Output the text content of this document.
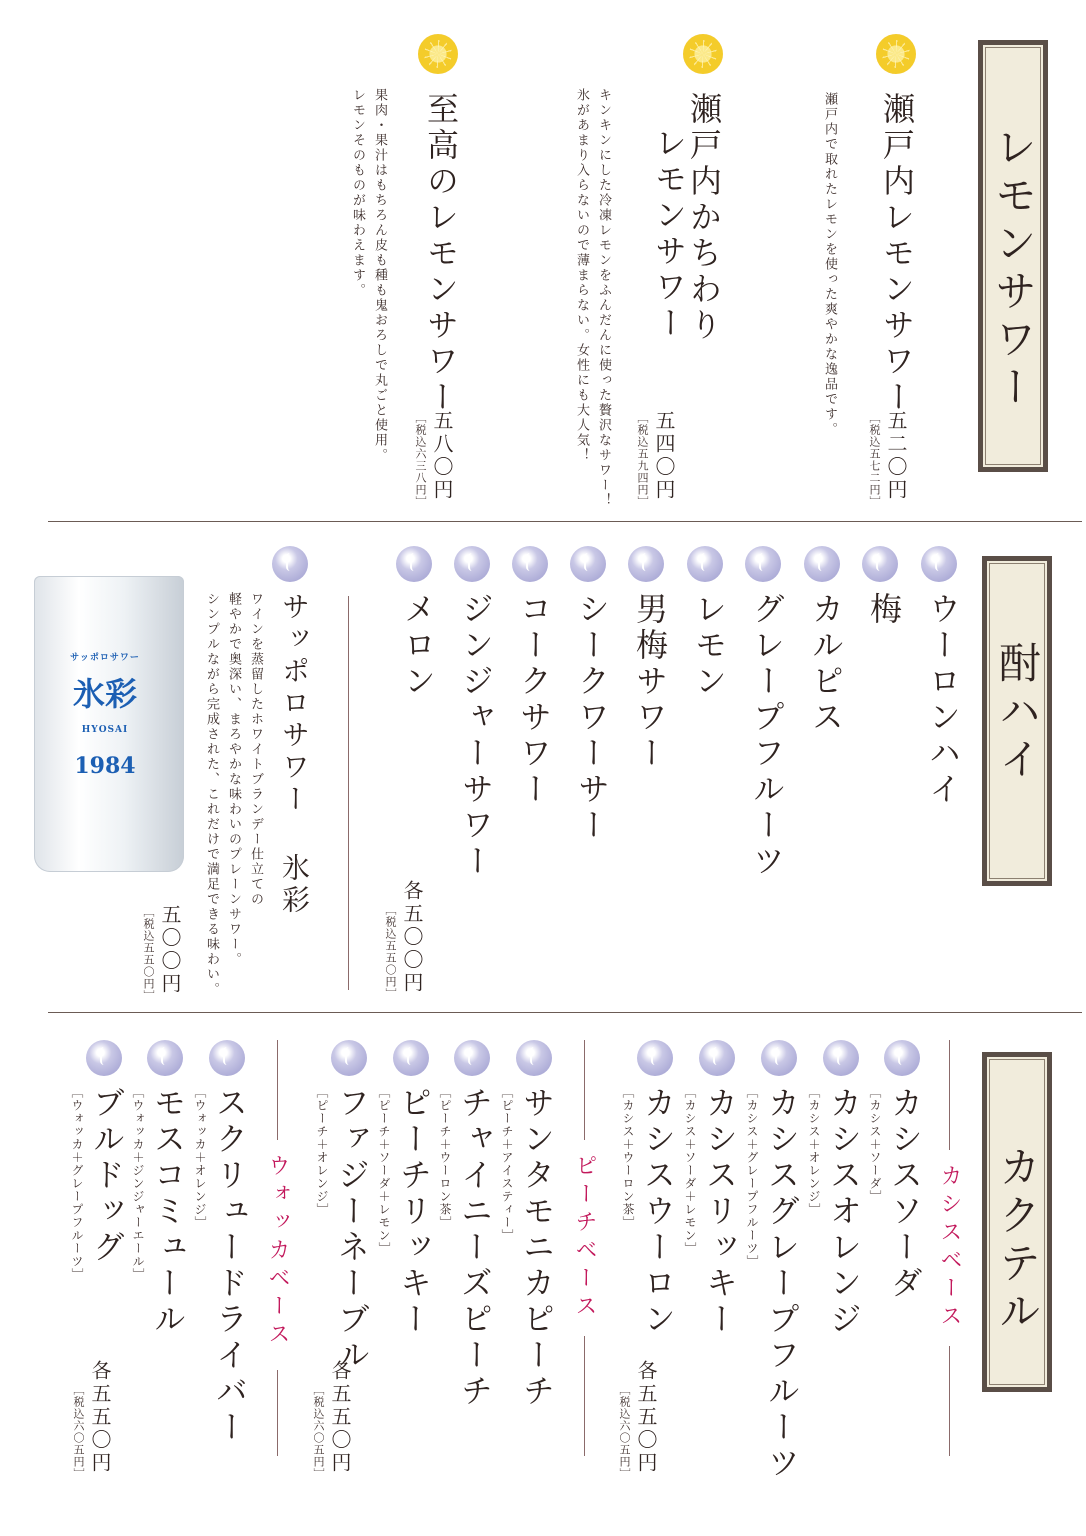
レモンサワー
瀬戸内レモンサワー
瀬戸内で取れたレモンを使った爽やかな逸品です。
五二〇円
［税込五七二円］
瀬戸内かちわり
レモンサワー
キンキンにした冷凍レモンをふんだんに使った贅沢なサワー！
氷があまり入らないので薄まらない。女性にも大人気！	五四〇円
［税込五九四円］
至高のレモンサワー
果肉・果汁はもちろん皮も種も鬼おろしで丸ごと使用。
レモンそのものが味わえます。
五八〇円
［税込六三八円］
酎ハイ
ウーロンハイ
梅
カルピス
グレープフルーツ
レモン
男梅サワー
シークワーサー
コークサワー
ジンジャーサワー
メロン
各五〇〇円
［税込五五〇円］
サッポロサワー 氷彩
ワインを蒸留したホワイトブランデー仕立ての
軽やかで奥深い、まろやかな味わいのプレーンサワー。
シンプルながら完成された、これだけで満足できる味わい。
五〇〇円
［税込五五〇円］
サッポロサワー
氷彩
HYOSAI
1984
カクテル
カシスベース
カシスソーダ
［カシス＋ソーダ］
カシスオレンジ
［カシス＋オレンジ］
カシスグレープフルーツ
［カシス＋グレープフルーツ］
カシスリッキー
［カシス＋ソーダ＋レモン］
カシスウーロン
［カシス＋ウーロン茶］
各五五〇円
［税込六〇五円］
ピーチベース
サンタモニカピーチ
［ピーチ＋アイスティー］
チャイニーズピーチ
［ピーチ＋ウーロン茶］
ピーチリッキー
［ピーチ＋ソーダ＋レモン］
ファジーネーブル
［ピーチ＋オレンジ］
各五五〇円
［税込六〇五円］
ウォッカベース
スクリュードライバー
［ウォッカ＋オレンジ］
モスコミュール
［ウォッカ＋ジンジャーエール］
ブルドッグ
［ウォッカ＋グレープフルーツ］
各五五〇円
［税込六〇五円］
